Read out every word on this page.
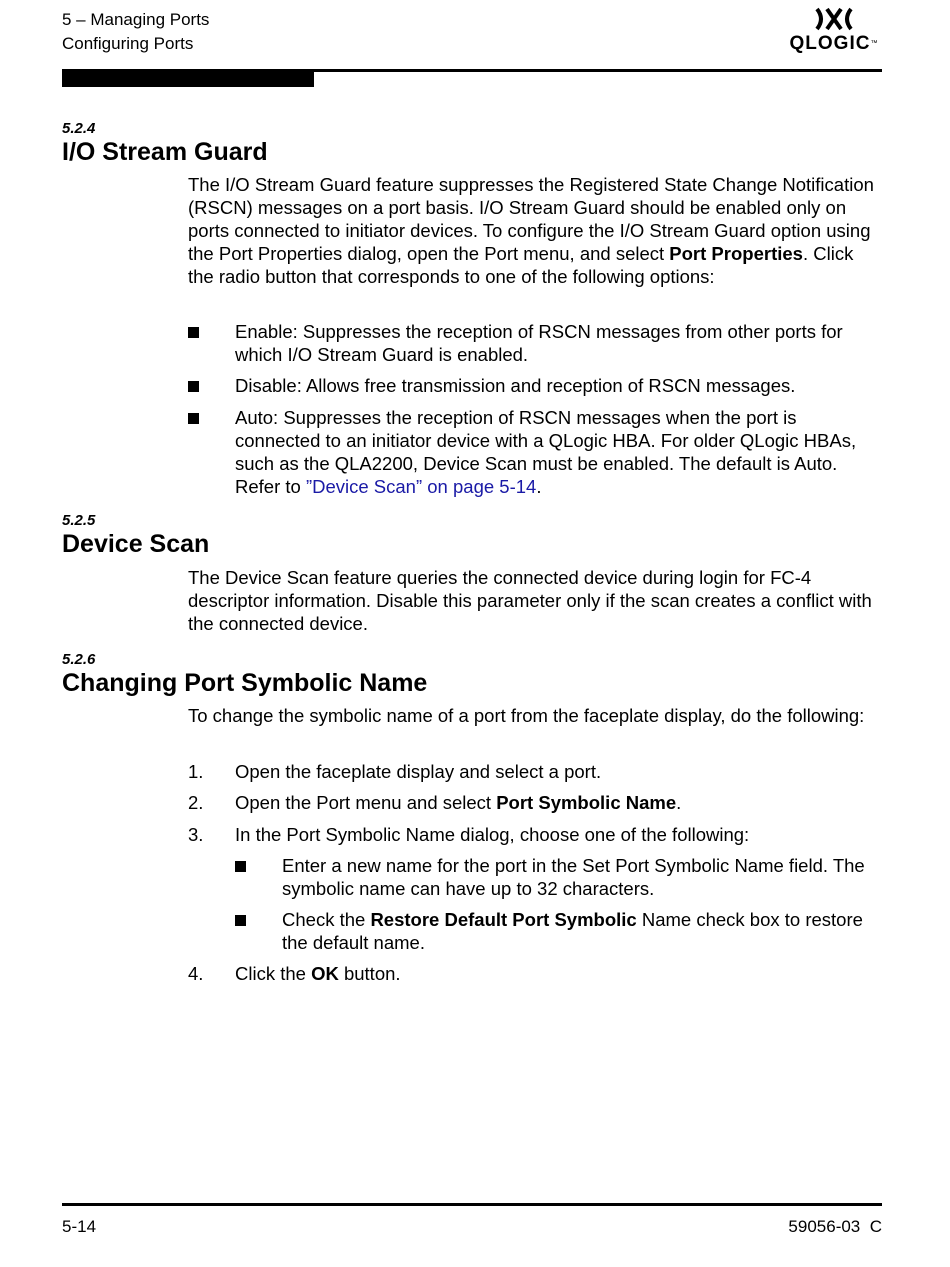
5 – Managing Ports
Configuring Ports	QLOGIC™
5.2.4
I/O Stream Guard

The I/O Stream Guard feature suppresses the Registered State Change Notification (RSCN) messages on a port basis. I/O Stream Guard should be enabled only on ports connected to initiator devices. To configure the I/O Stream Guard option using the Port Properties dialog, open the Port menu, and select Port Properties. Click the radio button that corresponds to one of the following options:

Enable: Suppresses the reception of RSCN messages from other ports for which I/O Stream Guard is enabled.
Disable: Allows free transmission and reception of RSCN messages.
Auto: Suppresses the reception of RSCN messages when the port is connected to an initiator device with a QLogic HBA. For older QLogic HBAs, such as the QLA2200, Device Scan must be enabled. The default is Auto. Refer to ”Device Scan” on page 5-14.
5.2.5
Device Scan

The Device Scan feature queries the connected device during login for FC-4 descriptor information. Disable this parameter only if the scan creates a conflict with the connected device.

5.2.6
Changing Port Symbolic Name

To change the symbolic name of a port from the faceplate display, do the following:

1.	Open the faceplate display and select a port.
2.	Open the Port menu and select Port Symbolic Name.
3.	In the Port Symbolic Name dialog, choose one of the following:
Enter a new name for the port in the Set Port Symbolic Name field. The symbolic name can have up to 32 characters.
Check the Restore Default Port Symbolic Name check box to restore the default name.
4.	Click the OK button.
5-14	59056-03  C
